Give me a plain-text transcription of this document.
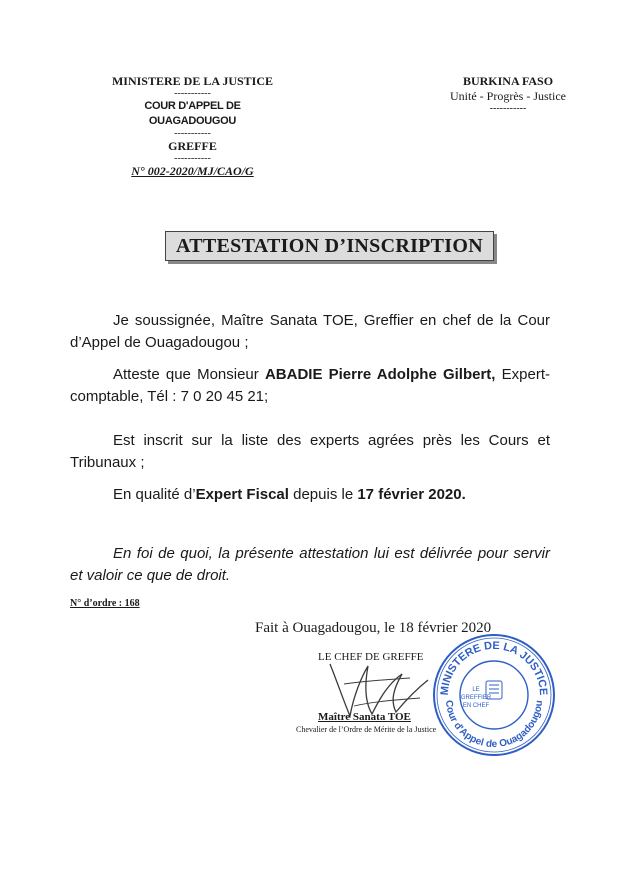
MINISTERE DE LA JUSTICE
-----------
COUR D'APPEL DE OUAGADOUGOU
-----------
GREFFE
-----------
N° 002-2020/MJ/CAO/G
BURKINA FASO
Unité - Progrès - Justice
-----------
ATTESTATION D’INSCRIPTION
Je soussignée, Maître Sanata TOE, Greffier en chef de la Cour d’Appel de Ouagadougou ;
Atteste que Monsieur ABADIE Pierre Adolphe Gilbert, Expert-comptable, Tél : 7 0 20 45 21;
Est inscrit sur la liste des experts agrées près les Cours et Tribunaux ;
En qualité d’Expert Fiscal depuis le 17 février 2020.
En foi de quoi, la présente attestation lui est délivrée pour servir et valoir ce que de droit.
N° d’ordre : 168
Fait à Ouagadougou, le 18 février 2020
LE CHEF DE GREFFE
Maître Sanata TOE
Chevalier de l’Ordre de Mérite de la Justice
MINISTERE DE LA JUSTICE
Cour d'Appel de Ouagadougou
LE
GREFFIER
EN CHEF
